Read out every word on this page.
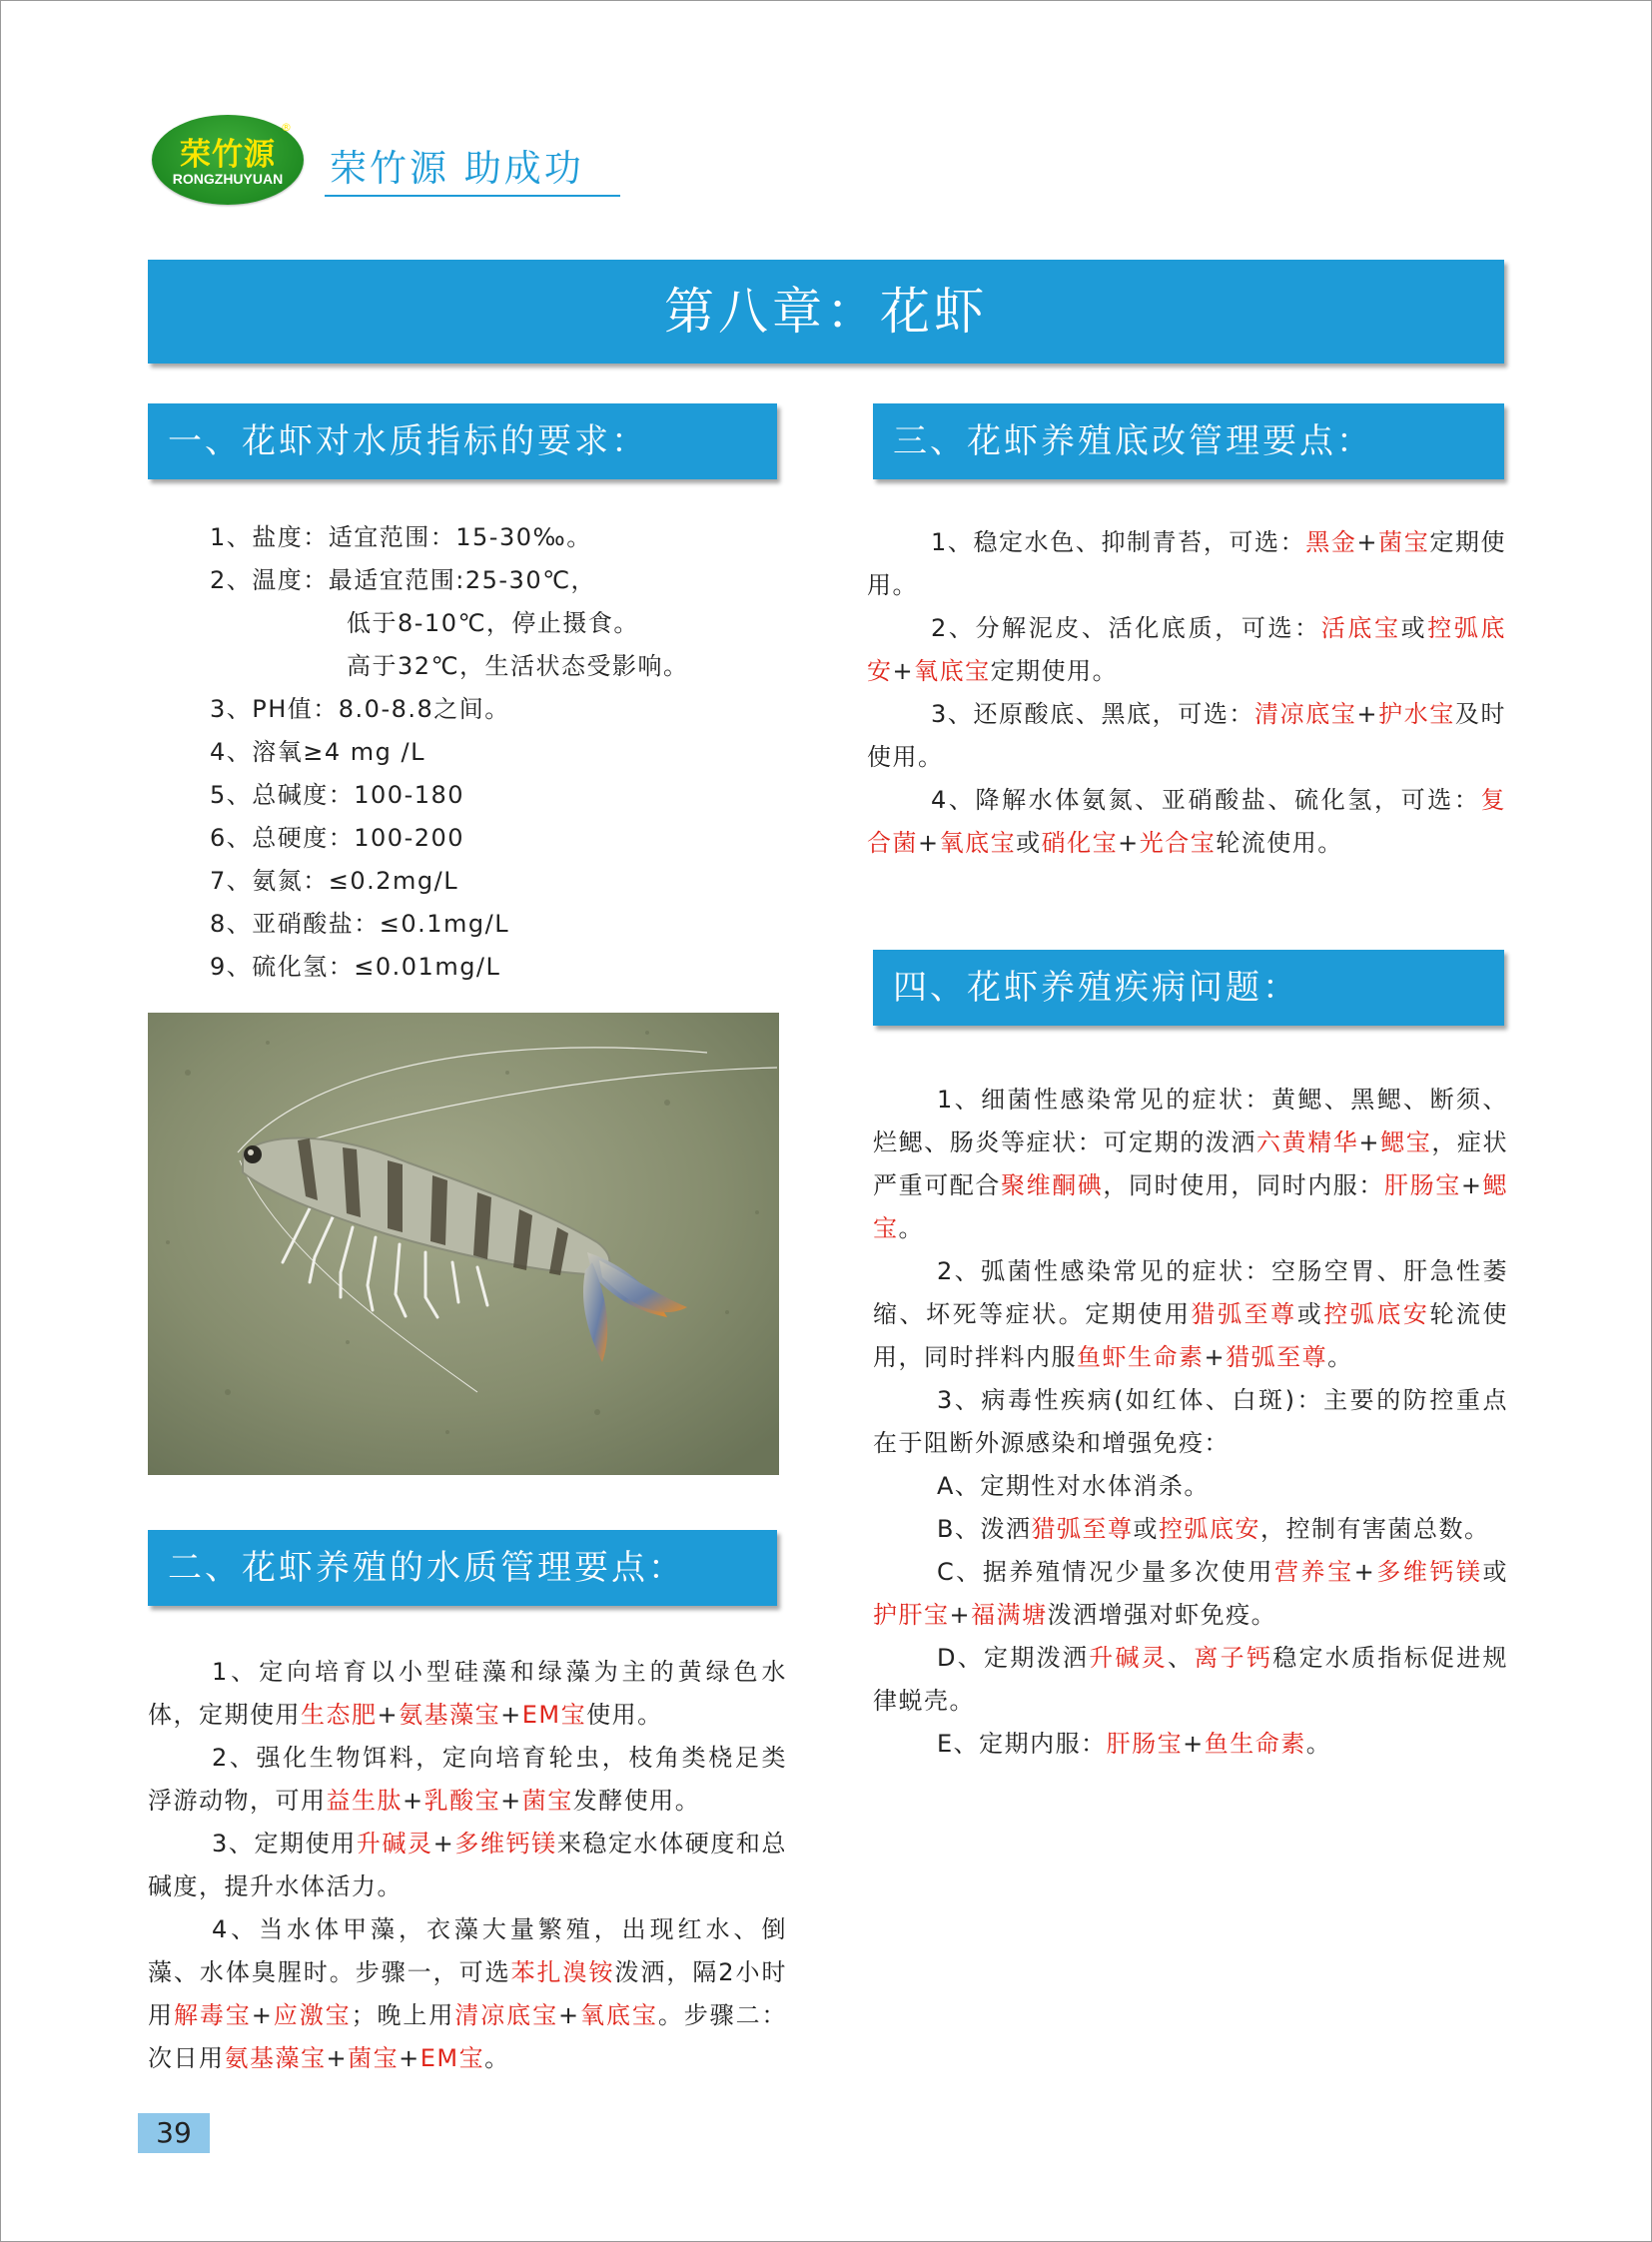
荣竹源
RONGZHUYUAN
®
荣竹源 助成功
第八章：花虾
一、花虾对水质指标的要求：

1、盐度：适宜范围：15-30‰。

2、温度：最适宜范围:25-30℃，

低于8-10℃，停止摄食。

高于32℃，生活状态受影响。

3、PH值：8.0-8.8之间。

4、溶氧≥4 mg /L

5、总碱度：100-180

6、总硬度：100-200

7、氨氮：≤0.2mg/L

8、亚硝酸盐：≤0.1mg/L

9、硫化氢：≤0.01mg/L

二、花虾养殖的水质管理要点：

1、定向培育以小型硅藻和绿藻为主的黄绿色水体，定期使用生态肥+氨基藻宝+EM宝使用。

2、强化生物饵料，定向培育轮虫，枝角类桡足类浮游动物，可用益生肽+乳酸宝+菌宝发酵使用。

3、定期使用升碱灵+多维钙镁来稳定水体硬度和总碱度，提升水体活力。

4、当水体甲藻，衣藻大量繁殖，出现红水、倒藻、水体臭腥时。步骤一，可选苯扎溴铵泼洒，隔2小时用解毒宝+应激宝；晚上用清凉底宝+氧底宝。步骤二：次日用氨基藻宝+菌宝+EM宝。

三、花虾养殖底改管理要点：

1、稳定水色、抑制青苔，可选：黑金+菌宝定期使用。

2、分解泥皮、活化底质，可选：活底宝或控弧底安+氧底宝定期使用。

3、还原酸底、黑底，可选：清凉底宝+护水宝及时使用。

4、降解水体氨氮、亚硝酸盐、硫化氢，可选：复合菌+氧底宝或硝化宝+光合宝轮流使用。

四、花虾养殖疾病问题：

1、细菌性感染常见的症状：黄鳃、黑鳃、断须、烂鳃、肠炎等症状：可定期的泼洒六黄精华+鳃宝，症状严重可配合聚维酮碘，同时使用，同时内服：肝肠宝+鳃宝。

2、弧菌性感染常见的症状：空肠空胃、肝急性萎缩、坏死等症状。定期使用猎弧至尊或控弧底安轮流使用，同时拌料内服鱼虾生命素+猎弧至尊。

3、病毒性疾病(如红体、白斑)：主要的防控重点在于阻断外源感染和增强免疫：

A、定期性对水体消杀。

B、泼洒猎弧至尊或控弧底安，控制有害菌总数。

C、据养殖情况少量多次使用营养宝+多维钙镁或护肝宝+福满塘泼洒增强对虾免疫。

D、定期泼洒升碱灵、离子钙稳定水质指标促进规律蜕壳。

E、定期内服：肝肠宝+鱼生命素。

39
